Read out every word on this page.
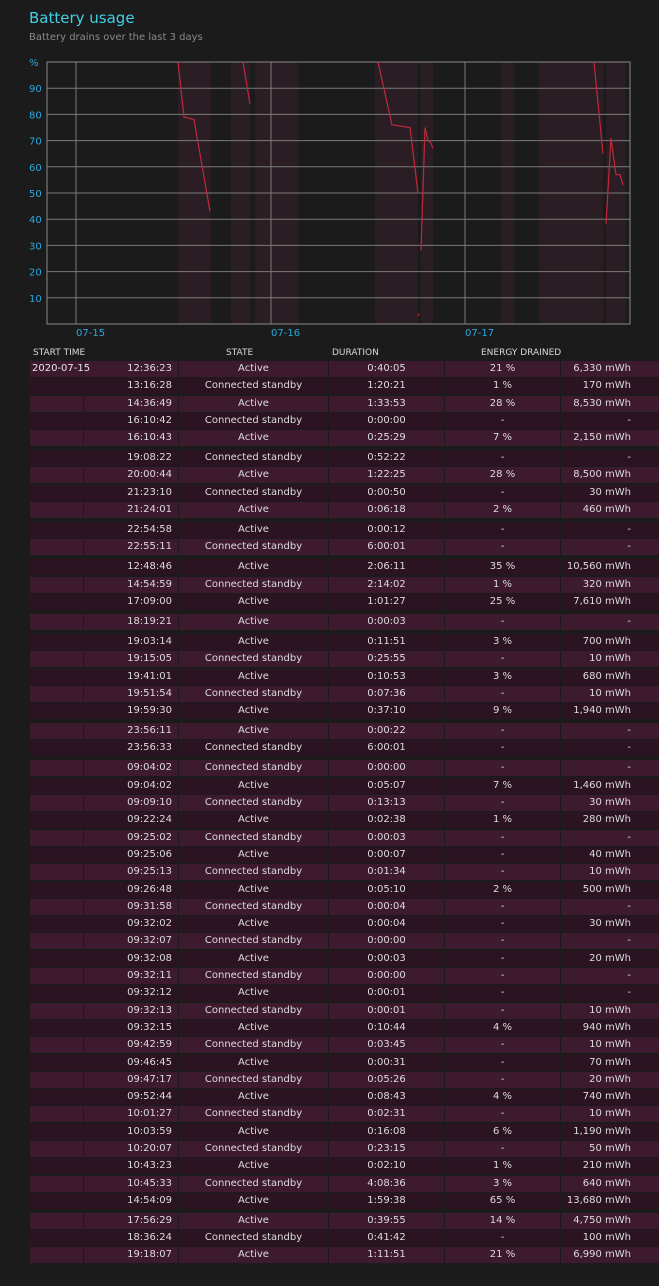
Battery usage
Battery drains over the last 3 days
%
90
80
70
60
50
40
30
20
10
07-15	07-16	07-17
START TIME	STATE	DURATION	ENERGY DRAINED
2020-07-15	12:36:23	Active	0:40:05	21 %	6,330 mWh
13:16:28	Connected standby	1:20:21	1 %	170 mWh
14:36:49	Active	1:33:53	28 %	8,530 mWh
16:10:42	Connected standby	0:00:00	-	-
16:10:43	Active	0:25:29	7 %	2,150 mWh
19:08:22	Connected standby	0:52:22	-	-
20:00:44	Active	1:22:25	28 %	8,500 mWh
21:23:10	Connected standby	0:00:50	-	30 mWh
21:24:01	Active	0:06:18	2 %	460 mWh
22:54:58	Active	0:00:12	-	-
22:55:11	Connected standby	6:00:01	-	-
12:48:46	Active	2:06:11	35 %	10,560 mWh
14:54:59	Connected standby	2:14:02	1 %	320 mWh
17:09:00	Active	1:01:27	25 %	7,610 mWh
18:19:21	Active	0:00:03	-	-
19:03:14	Active	0:11:51	3 %	700 mWh
19:15:05	Connected standby	0:25:55	-	10 mWh
19:41:01	Active	0:10:53	3 %	680 mWh
19:51:54	Connected standby	0:07:36	-	10 mWh
19:59:30	Active	0:37:10	9 %	1,940 mWh
23:56:11	Active	0:00:22	-	-
23:56:33	Connected standby	6:00:01	-	-
09:04:02	Connected standby	0:00:00	-	-
09:04:02	Active	0:05:07	7 %	1,460 mWh
09:09:10	Connected standby	0:13:13	-	30 mWh
09:22:24	Active	0:02:38	1 %	280 mWh
09:25:02	Connected standby	0:00:03	-	-
09:25:06	Active	0:00:07	-	40 mWh
09:25:13	Connected standby	0:01:34	-	10 mWh
09:26:48	Active	0:05:10	2 %	500 mWh
09:31:58	Connected standby	0:00:04	-	-
09:32:02	Active	0:00:04	-	30 mWh
09:32:07	Connected standby	0:00:00	-	-
09:32:08	Active	0:00:03	-	20 mWh
09:32:11	Connected standby	0:00:00	-	-
09:32:12	Active	0:00:01	-	-
09:32:13	Connected standby	0:00:01	-	10 mWh
09:32:15	Active	0:10:44	4 %	940 mWh
09:42:59	Connected standby	0:03:45	-	10 mWh
09:46:45	Active	0:00:31	-	70 mWh
09:47:17	Connected standby	0:05:26	-	20 mWh
09:52:44	Active	0:08:43	4 %	740 mWh
10:01:27	Connected standby	0:02:31	-	10 mWh
10:03:59	Active	0:16:08	6 %	1,190 mWh
10:20:07	Connected standby	0:23:15	-	50 mWh
10:43:23	Active	0:02:10	1 %	210 mWh
10:45:33	Connected standby	4:08:36	3 %	640 mWh
14:54:09	Active	1:59:38	65 %	13,680 mWh
17:56:29	Active	0:39:55	14 %	4,750 mWh
18:36:24	Connected standby	0:41:42	-	100 mWh
19:18:07	Active	1:11:51	21 %	6,990 mWh
